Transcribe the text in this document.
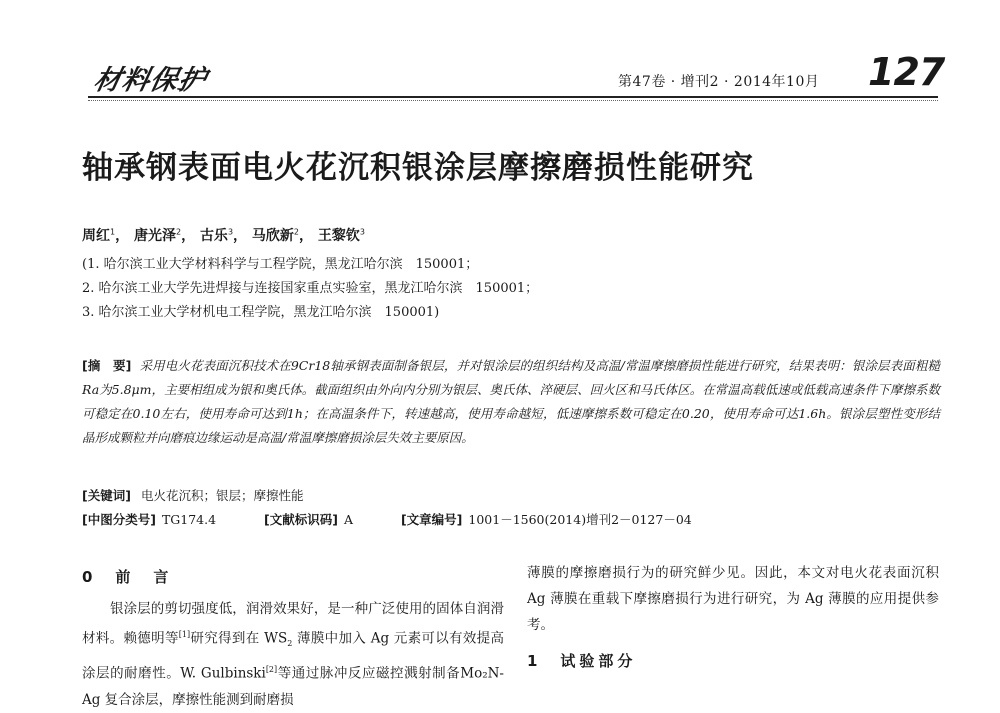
材料保护	第47卷 · 增刊2 · 2014年10月 127
轴承钢表面电火花沉积银涂层摩擦磨损性能研究
周红$^1$， 唐光泽$^2$， 古乐$^3$， 马欣新$^2$， 王黎钦$^3$
(1. 哈尔滨工业大学材料科学与工程学院，黑龙江哈尔滨　150001；
2. 哈尔滨工业大学先进焊接与连接国家重点实验室，黑龙江哈尔滨　150001；
3. 哈尔滨工业大学材机电工程学院，黑龙江哈尔滨　150001)
[摘　要] 采用电火花表面沉积技术在9Cr18轴承钢表面制备银层，并对银涂层的组织结构及高温/常温摩擦磨损性能进行研究，结果表明：银涂层表面粗糙Ra为5.8μm，主要相组成为银和奥氏体。截面组织由外向内分别为银层、奥氏体、淬硬层、回火区和马氏体区。在常温高载低速或低载高速条件下摩擦系数可稳定在0.10左右，使用寿命可达到1h；在高温条件下，转速越高，使用寿命越短，低速摩擦系数可稳定在0.20，使用寿命可达1.6h。银涂层塑性变形结晶形成颗粒并向磨痕边缘运动是高温/常温摩擦磨损涂层失效主要原因。
[关键词] 电火花沉积；银层；摩擦性能
[中图分类号] TG174.4	[文献标识码] A	[文章编号] 1001－1560(2014)增刊2－0127－04
0　前　言

银涂层的剪切强度低，润滑效果好，是一种广泛使用的固体自润滑材料。赖德明等[1]研究得到在 $WS_2$ 薄膜中加入 Ag 元素可以有效提高涂层的耐磨性。W. Gulbinski[2]等通过脉冲反应磁控溅射制备Mo₂N-Ag 复合涂层，摩擦性能测到耐磨损

薄膜的摩擦磨损行为的研究鲜少见。因此，本文对电火花表面沉积 Ag 薄膜在重载下摩擦磨损行为进行研究，为 Ag 薄膜的应用提供参考。

1　试验部分
